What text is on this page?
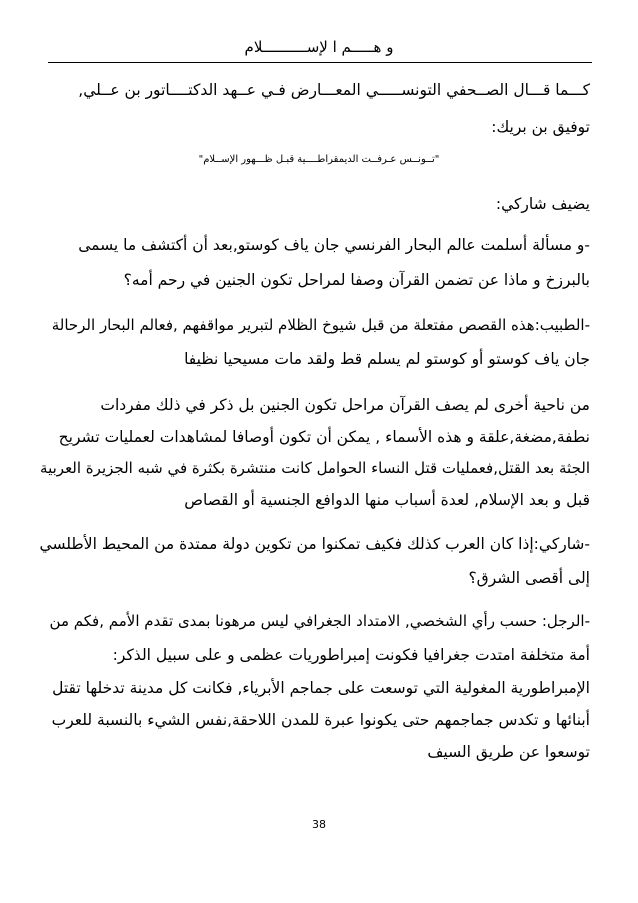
و هـــــم ا لإســــــــــلام
كـــما قـــال الصــحفي التونســـــي المعـــارض فـي عــهد الدكتــــاتور بن عــلي,
توفيق بن بريك:
"تــونــس عـرفــت الديمقراطــــية قبـل ظـــهور الإســلام"
يضيف شاركي:
-و مسألة أسلمت عالم البحار الفرنسي جان ياف كوستو,بعد أن أكتشف ما يسمى
بالبرزخ و ماذا عن تضمن القرآن وصفا لمراحل تكون الجنين في رحم أمه؟
-الطبيب:هذه القصص مفتعلة من قبل شيوخ الظلام لتبرير مواقفهم ,فعالم البحار الرحالة
جان ياف كوستو أو كوستو لم يسلم قط ولقد مات مسيحيا نظيفا
من ناحية أخرى لم يصف القرآن مراحل تكون الجنين بل ذكر في ذلك مفردات
نطفة,مضغة,علقة و هذه الأسماء , يمكن أن تكون أوصافا لمشاهدات لعمليات تشريح
الجثة بعد القتل,فعمليات قتل النساء الحوامل كانت منتشرة بكثرة في شبه الجزيرة العربية
قبل و بعد الإسلام, لعدة أسباب منها الدوافع الجنسية أو القصاص
-شاركي:إذا كان العرب كذلك فكيف تمكنوا من تكوين دولة ممتدة من المحيط الأطلسي
إلى أقصى الشرق؟
-الرجل: حسب رأي الشخصي, الامتداد الجغرافي ليس مرهونا بمدى تقدم الأمم ,فكم من
أمة متخلفة امتدت جغرافيا فكونت إمبراطوريات عظمى و على سبيل الذكر:
الإمبراطورية المغولية التي توسعت على جماجم الأبرياء, فكانت كل مدينة تدخلها تقتل
أبنائها و تكدس جماجمهم حتى يكونوا عبرة للمدن اللاحقة,نفس الشيء بالنسبة للعرب
توسعوا عن طريق السيف
38
